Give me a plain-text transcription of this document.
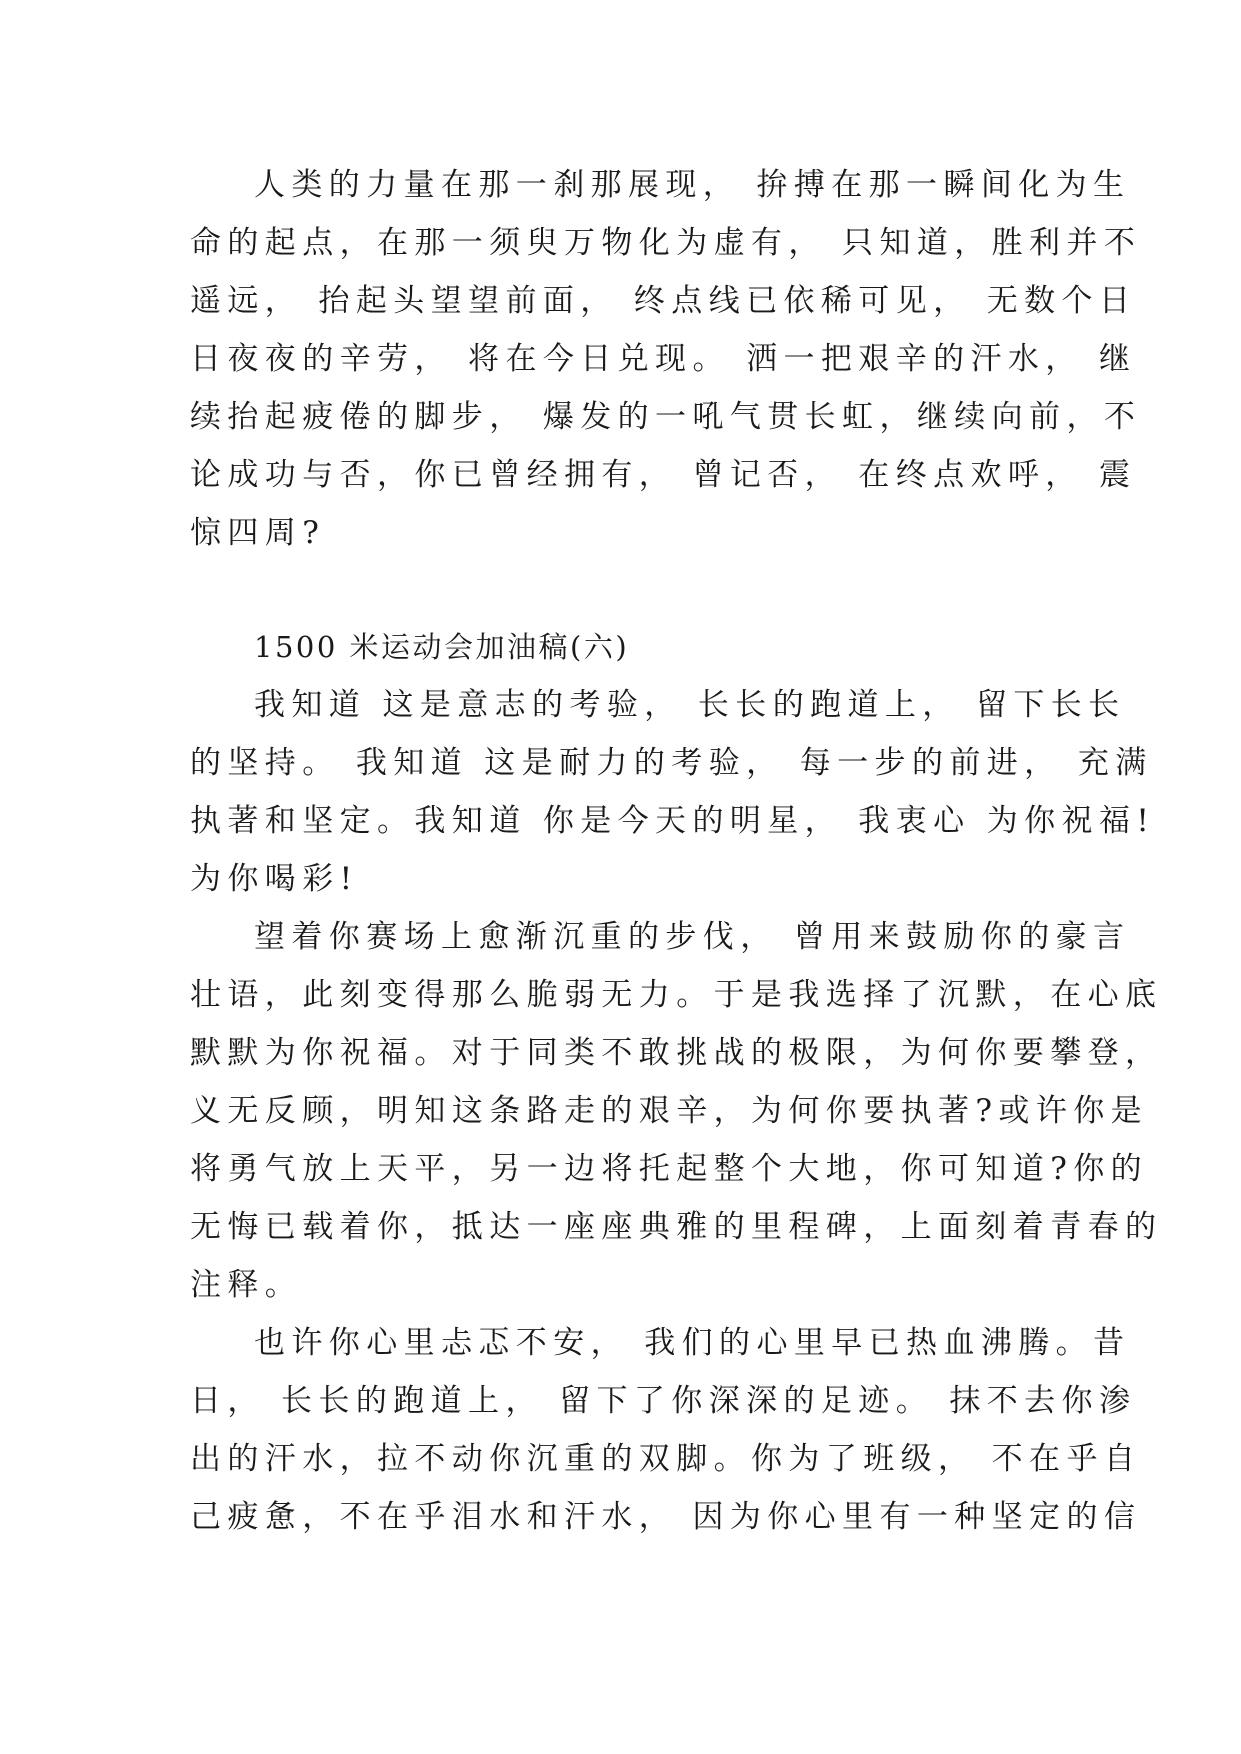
人类的力量在那一刹那展现， 拚搏在那一瞬间化为生
命的起点，在那一须臾万物化为虚有， 只知道，胜利并不
遥远， 抬起头望望前面， 终点线已依稀可见， 无数个日
日夜夜的辛劳， 将在今日兑现。 洒一把艰辛的汗水， 继
续抬起疲倦的脚步， 爆发的一吼气贯长虹，继续向前，不
论成功与否，你已曾经拥有， 曾记否， 在终点欢呼， 震
惊四周?
1500 米运动会加油稿(六)
我知道 这是意志的考验， 长长的跑道上， 留下长长
的坚持。 我知道 这是耐力的考验， 每一步的前进， 充满
执著和坚定。我知道 你是今天的明星， 我衷心 为你祝福!
为你喝彩!
望着你赛场上愈渐沉重的步伐， 曾用来鼓励你的豪言
壮语，此刻变得那么脆弱无力。于是我选择了沉默，在心底
默默为你祝福。对于同类不敢挑战的极限，为何你要攀登，
义无反顾，明知这条路走的艰辛，为何你要执著?或许你是
将勇气放上天平，另一边将托起整个大地，你可知道?你的
无悔已载着你，抵达一座座典雅的里程碑，上面刻着青春的
注释。
也许你心里忐忑不安， 我们的心里早已热血沸腾。昔
日， 长长的跑道上， 留下了你深深的足迹。 抹不去你渗
出的汗水，拉不动你沉重的双脚。你为了班级， 不在乎自
己疲惫，不在乎泪水和汗水， 因为你心里有一种坚定的信
